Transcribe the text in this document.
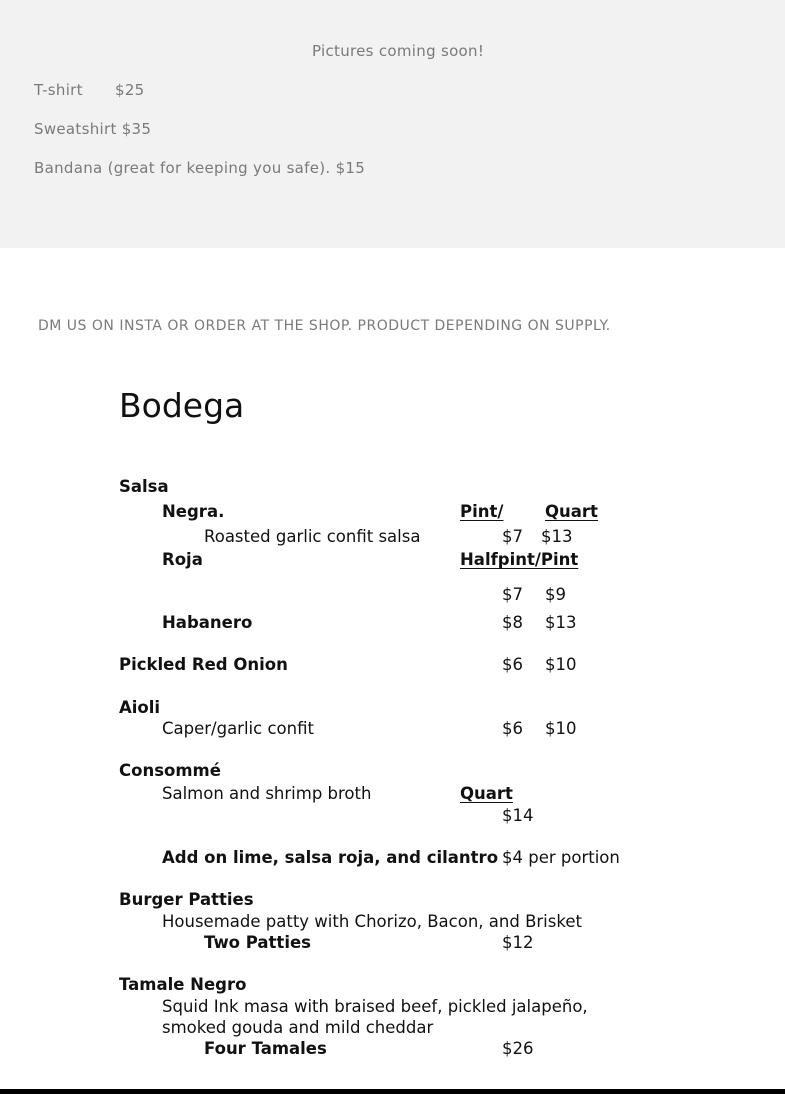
Pictures coming soon!
T-shirt $25
Sweatshirt $35
Bandana (great for keeping you safe). $15
DM US ON INSTA OR ORDER AT THE SHOP. PRODUCT DEPENDING ON SUPPLY.
Bodega
Salsa
Negra.	Pint/	Quart
Roasted garlic confit salsa	$7 $13
Roja	Halfpint/Pint
$7 $9
Habanero	$8 $13
Pickled Red Onion	$6 $10
Aioli
Caper/garlic confit	$6 $10
Consommé
Salmon and shrimp broth	Quart
$14
Add on lime, salsa roja, and cilantro $4 per portion
Burger Patties
Housemade patty with Chorizo, Bacon, and Brisket
Two Patties	$12
Tamale Negro
Squid Ink masa with braised beef, pickled jalapeño,
smoked gouda and mild cheddar
Four Tamales	$26
